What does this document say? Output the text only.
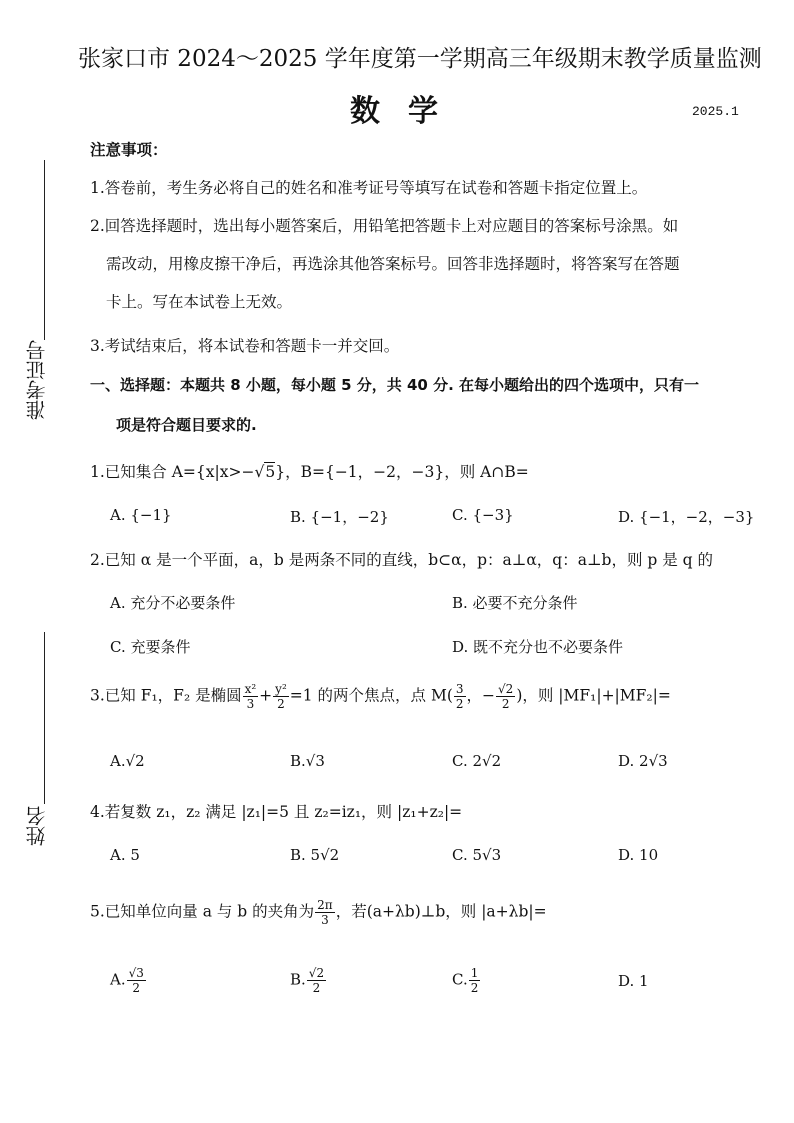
张家口市 2024～2025 学年度第一学期高三年级期末教学质量监测
数学	2025.1
准考证号
姓名
注意事项：
1.答卷前，考生务必将自己的姓名和准考证号等填写在试卷和答题卡指定位置上。
2.回答选择题时，选出每小题答案后，用铅笔把答题卡上对应题目的答案标号涂黑。如
需改动，用橡皮擦干净后，再选涂其他答案标号。回答非选择题时，将答案写在答题
卡上。写在本试卷上无效。
3.考试结束后，将本试卷和答题卡一并交回。
一、选择题：本题共 8 小题，每小题 5 分，共 40 分. 在每小题给出的四个选项中，只有一
项是符合题目要求的.
1.已知集合 A={x|x>−√5}，B={−1，−2，−3}，则 A∩B=
A. {−1}	B. {−1，−2}	C. {−3}	D. {−1，−2，−3}
2.已知 α 是一个平面，a，b 是两条不同的直线，b⊂α，p：a⊥α，q：a⊥b，则 p 是 q 的
A. 充分不必要条件	B. 必要不充分条件
C. 充要条件	D. 既不充分也不必要条件
3.已知 F₁，F₂ 是椭圆 $\frac{\text{x²}}{3} + \frac{\text{y²}}{2} =1$ 的两个焦点，点 $M( \frac{3}{2}$ ，− $\frac{√2}{2}$ )，则 |MF₁|+|MF₂|=
A.√2	B.√3	C. 2√2	D. 2√3
4.若复数 z₁，z₂ 满足 |z₁|=5 且 z₂=iz₁，则 |z₁+z₂|=
A. 5	B. 5√2	C. 5√3	D. 10
5.已知单位向量 a 与 b 的夹角为 $\frac{2\pi}{3}$ ，若(a+λb)⊥b，则 |a+λb|=
A. $\frac{√3}{2}$	B. $\frac{√2}{2}$	C. $\frac{1}{2}$	D. 1
